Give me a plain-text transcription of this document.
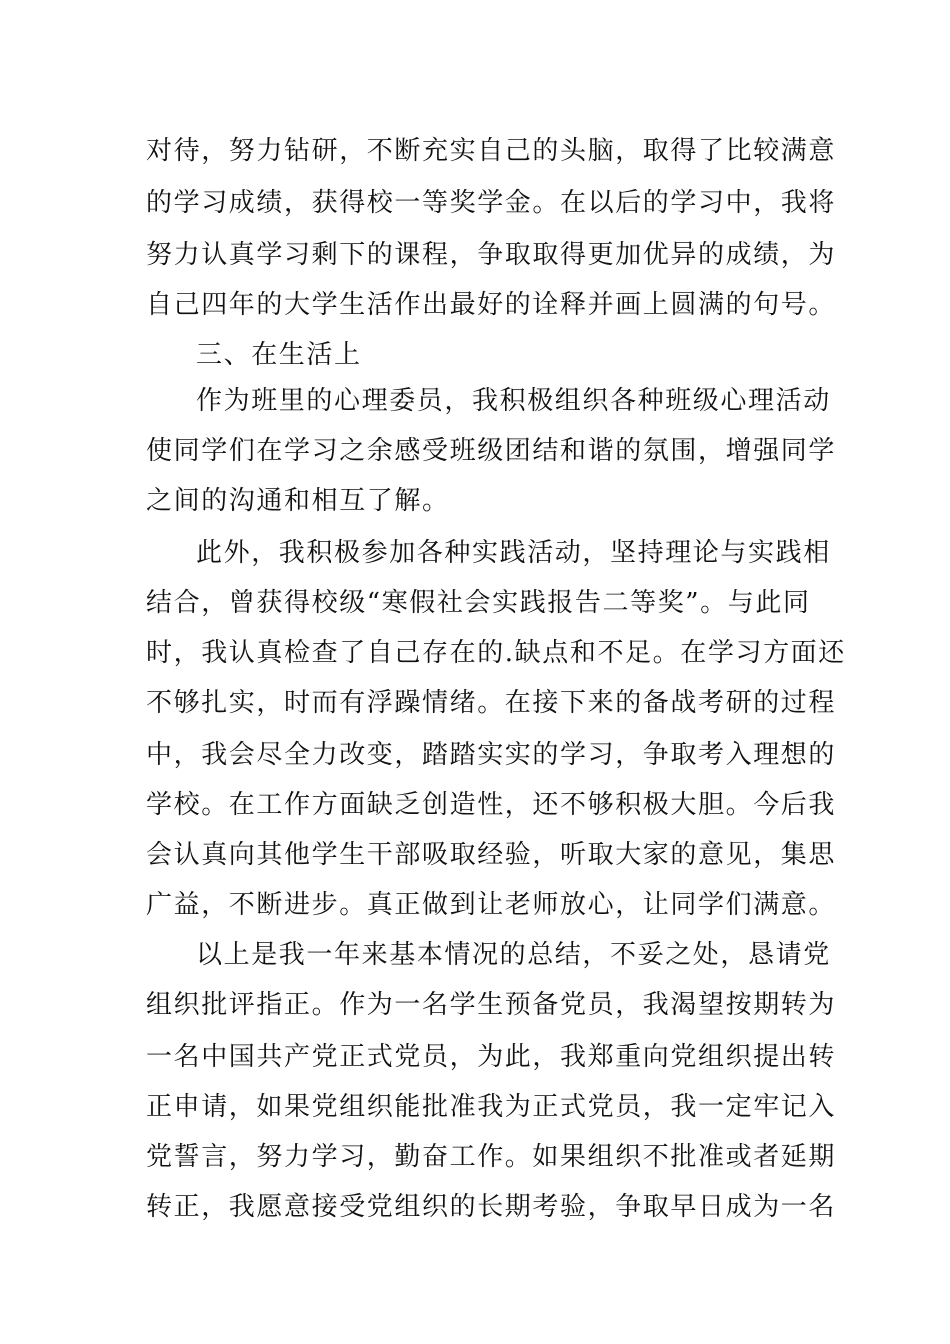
对待，努力钻研，不断充实自己的头脑，取得了比较满意
的学习成绩，获得校一等奖学金。在以后的学习中，我将
努力认真学习剩下的课程，争取取得更加优异的成绩，为
自己四年的大学生活作出最好的诠释并画上圆满的句号。
三、在生活上
作为班里的心理委员，我积极组织各种班级心理活动
使同学们在学习之余感受班级团结和谐的氛围，增强同学
之间的沟通和相互了解。
此外，我积极参加各种实践活动，坚持理论与实践相
结合，曾获得校级“寒假社会实践报告二等奖”。与此同
时，我认真检查了自己存在的.缺点和不足。在学习方面还
不够扎实，时而有浮躁情绪。在接下来的备战考研的过程
中，我会尽全力改变，踏踏实实的学习，争取考入理想的
学校。在工作方面缺乏创造性，还不够积极大胆。今后我
会认真向其他学生干部吸取经验，听取大家的意见，集思
广益，不断进步。真正做到让老师放心，让同学们满意。
以上是我一年来基本情况的总结，不妥之处，恳请党
组织批评指正。作为一名学生预备党员，我渴望按期转为
一名中国共产党正式党员，为此，我郑重向党组织提出转
正申请，如果党组织能批准我为正式党员，我一定牢记入
党誓言，努力学习，勤奋工作。如果组织不批准或者延期
转正，我愿意接受党组织的长期考验，争取早日成为一名
